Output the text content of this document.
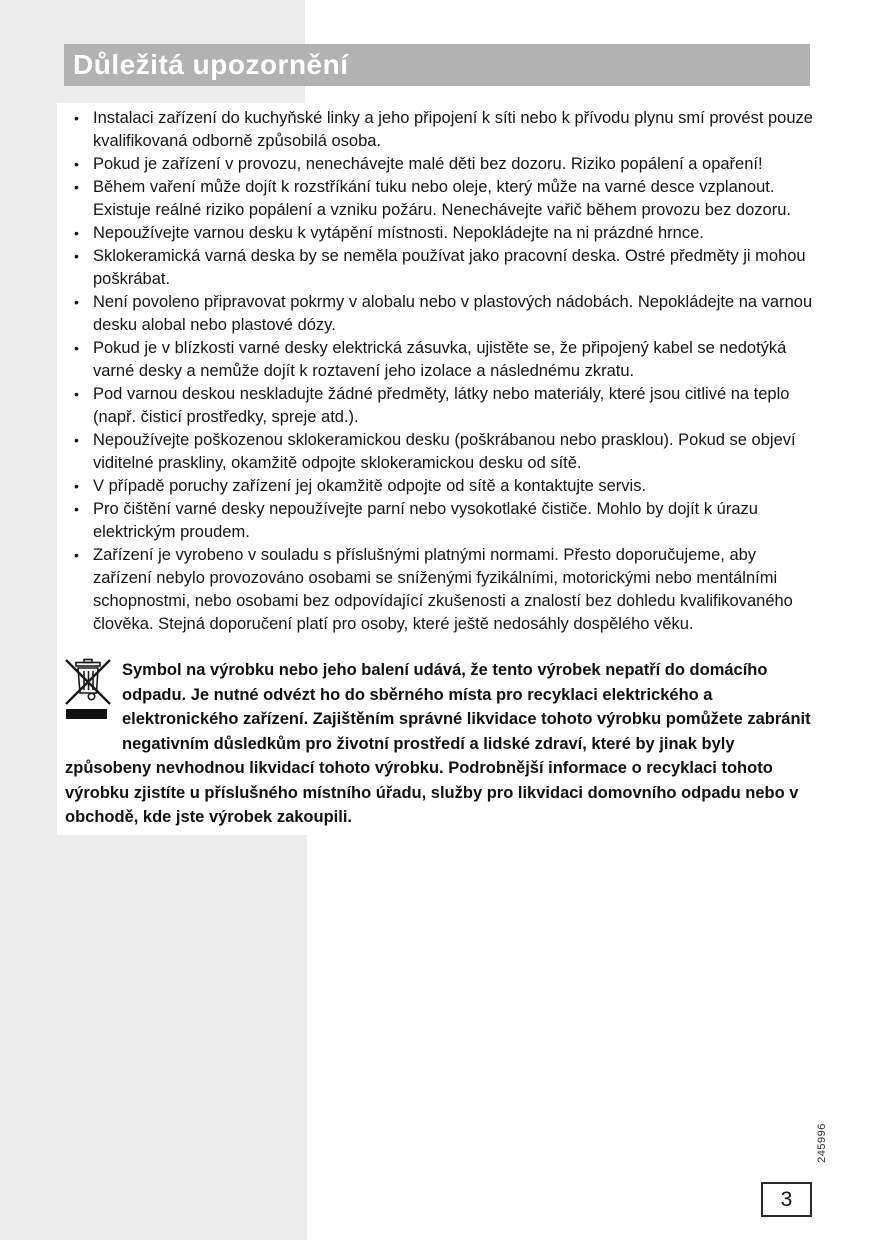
Důležitá upozornění
• Instalaci zařízení do kuchyňské linky a jeho připojení k síti nebo k přívodu plynu smí provést pouze kvalifikovaná odborně způsobilá osoba.
• Pokud je zařízení v provozu, nenechávejte malé děti bez dozoru. Riziko popálení a opaření!
• Během vaření může dojít k rozstříkání tuku nebo oleje, který může na varné desce vzplanout. Existuje reálné riziko popálení a vzniku požáru. Nenechávejte vařič během provozu bez dozoru.
• Nepoužívejte varnou desku k vytápění místnosti. Nepokládejte na ni prázdné hrnce.
• Sklokeramická varná deska by se neměla používat jako pracovní deska. Ostré předměty ji mohou poškrábat.
• Není povoleno připravovat pokrmy v alobalu nebo v plastových nádobách. Nepokládejte na varnou desku alobal nebo plastové dózy.
• Pokud je v blízkosti varné desky elektrická zásuvka, ujistěte se, že připojený kabel se nedotýká varné desky a nemůže dojít k roztavení jeho izolace a následnému zkratu.
• Pod varnou deskou neskladujte žádné předměty, látky nebo materiály, které jsou citlivé na teplo (např. čisticí prostředky, spreje atd.).
• Nepoužívejte poškozenou sklokeramickou desku (poškrábanou nebo prasklou). Pokud se objeví viditelné praskliny, okamžitě odpojte sklokeramickou desku od sítě.
• V případě poruchy zařízení jej okamžitě odpojte od sítě a kontaktujte servis.
• Pro čištění varné desky nepoužívejte parní nebo vysokotlaké čističe. Mohlo by dojít k úrazu elektrickým proudem.
• Zařízení je vyrobeno v souladu s příslušnými platnými normami. Přesto doporučujeme, aby zařízení nebylo provozováno osobami se sníženými fyzikálními, motorickými nebo mentálními schopnostmi, nebo osobami bez odpovídající zkušenosti a znalostí bez dohledu kvalifikovaného člověka. Stejná doporučení platí pro osoby, které ještě nedosáhly dospělého věku.
Symbol na výrobku nebo jeho balení udává, že tento výrobek nepatří do domácího odpadu. Je nutné odvézt ho do sběrného místa pro recyklaci elektrického a elektronického zařízení. Zajištěním správné likvidace tohoto výrobku pomůžete zabránit negativním důsledkům pro životní prostředí a lidské zdraví, které by jinak byly způsobeny nevhodnou likvidací tohoto výrobku. Podrobnější informace o recyklaci tohoto výrobku zjistíte u příslušného místního úřadu, služby pro likvidaci domovního odpadu nebo v obchodě, kde jste výrobek zakoupili.
245996
3
